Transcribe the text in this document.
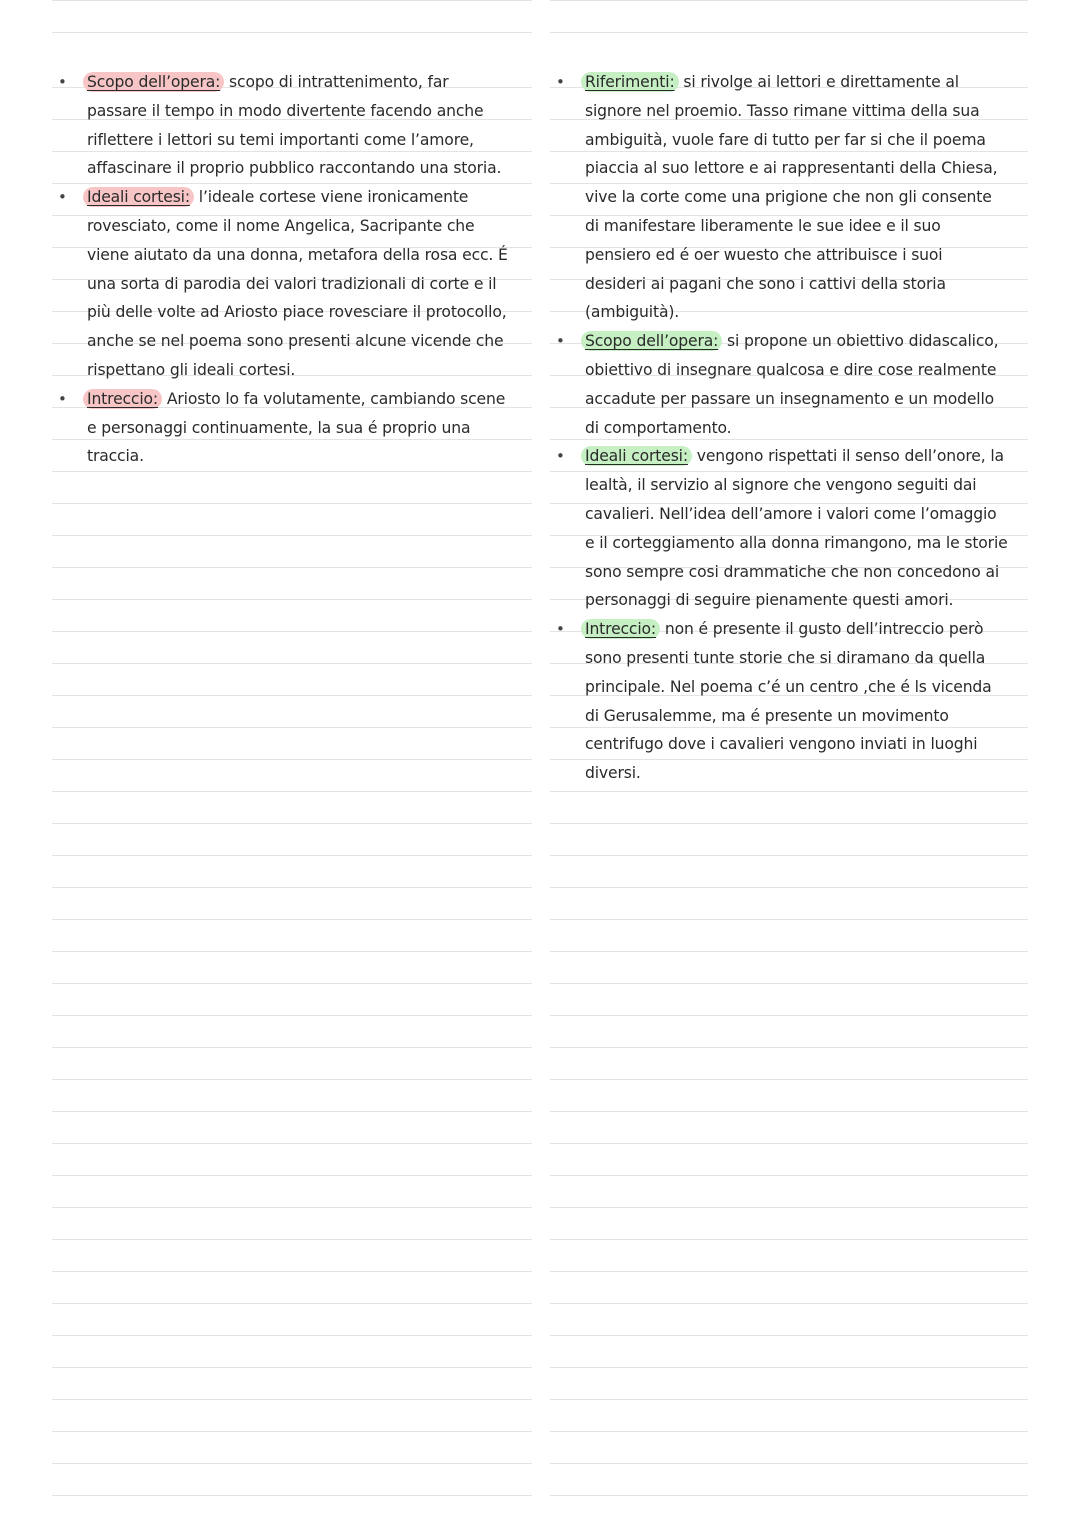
• Scopo dell’opera: scopo di intrattenimento, far passare il tempo in modo divertente facendo anche riflettere i lettori su temi importanti come l’amore, affascinare il proprio pubblico raccontando una storia.
• Ideali cortesi: l’ideale cortese viene ironicamente rovesciato, come il nome Angelica, Sacripante che viene aiutato da una donna, metafora della rosa ecc. É una sorta di parodia dei valori tradizionali di corte e il più delle volte ad Ariosto piace rovesciare il protocollo, anche se nel poema sono presenti alcune vicende che rispettano gli ideali cortesi.
• Intreccio: Ariosto lo fa volutamente, cambiando scene e personaggi continuamente, la sua é proprio una traccia.
• Riferimenti: si rivolge ai lettori e direttamente al signore nel proemio. Tasso rimane vittima della sua ambiguità, vuole fare di tutto per far si che il poema piaccia al suo lettore e ai rappresentanti della Chiesa, vive la corte come una prigione che non gli consente di manifestare liberamente le sue idee e il suo pensiero ed é oer wuesto che attribuisce i suoi desideri ai pagani che sono i cattivi della storia (ambiguità).
• Scopo dell’opera: si propone un obiettivo didascalico, obiettivo di insegnare qualcosa e dire cose realmente accadute per passare un insegnamento e un modello di comportamento.
• Ideali cortesi: vengono rispettati il senso dell’onore, la lealtà, il servizio al signore che vengono seguiti dai cavalieri. Nell’idea dell’amore i valori come l’omaggio e il corteggiamento alla donna rimangono, ma le storie sono sempre cosi drammatiche che non concedono ai personaggi di seguire pienamente questi amori.
• Intreccio: non é presente il gusto dell’intreccio però sono presenti tunte storie che si diramano da quella principale. Nel poema c’é un centro ,che é ls vicenda di Gerusalemme, ma é presente un movimento centrifugo dove i cavalieri vengono inviati in luoghi diversi.
